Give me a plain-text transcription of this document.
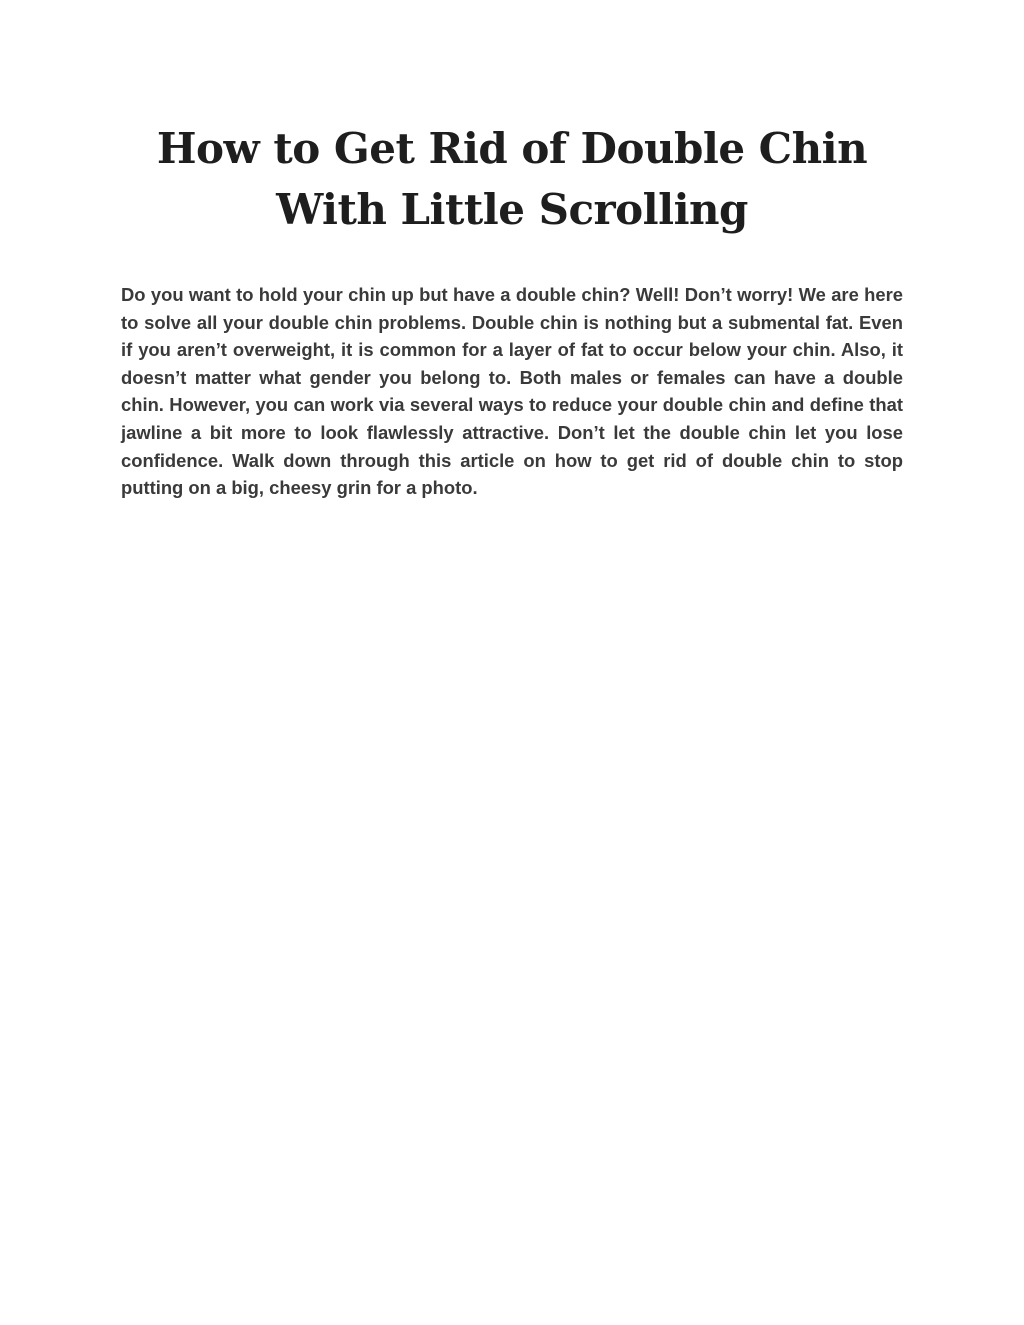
How to Get Rid of Double Chin With Little Scrolling

Do you want to hold your chin up but have a double chin? Well! Don’t worry! We are here to solve all your double chin problems. Double chin is nothing but a submental fat. Even if you aren’t overweight, it is common for a layer of fat to occur below your chin. Also, it doesn’t matter what gender you belong to. Both males or females can have a double chin. However, you can work via several ways to reduce your double chin and define that jawline a bit more to look flawlessly attractive. Don’t let the double chin let you lose confidence. Walk down through this article on how to get rid of double chin to stop putting on a big, cheesy grin for a photo.
